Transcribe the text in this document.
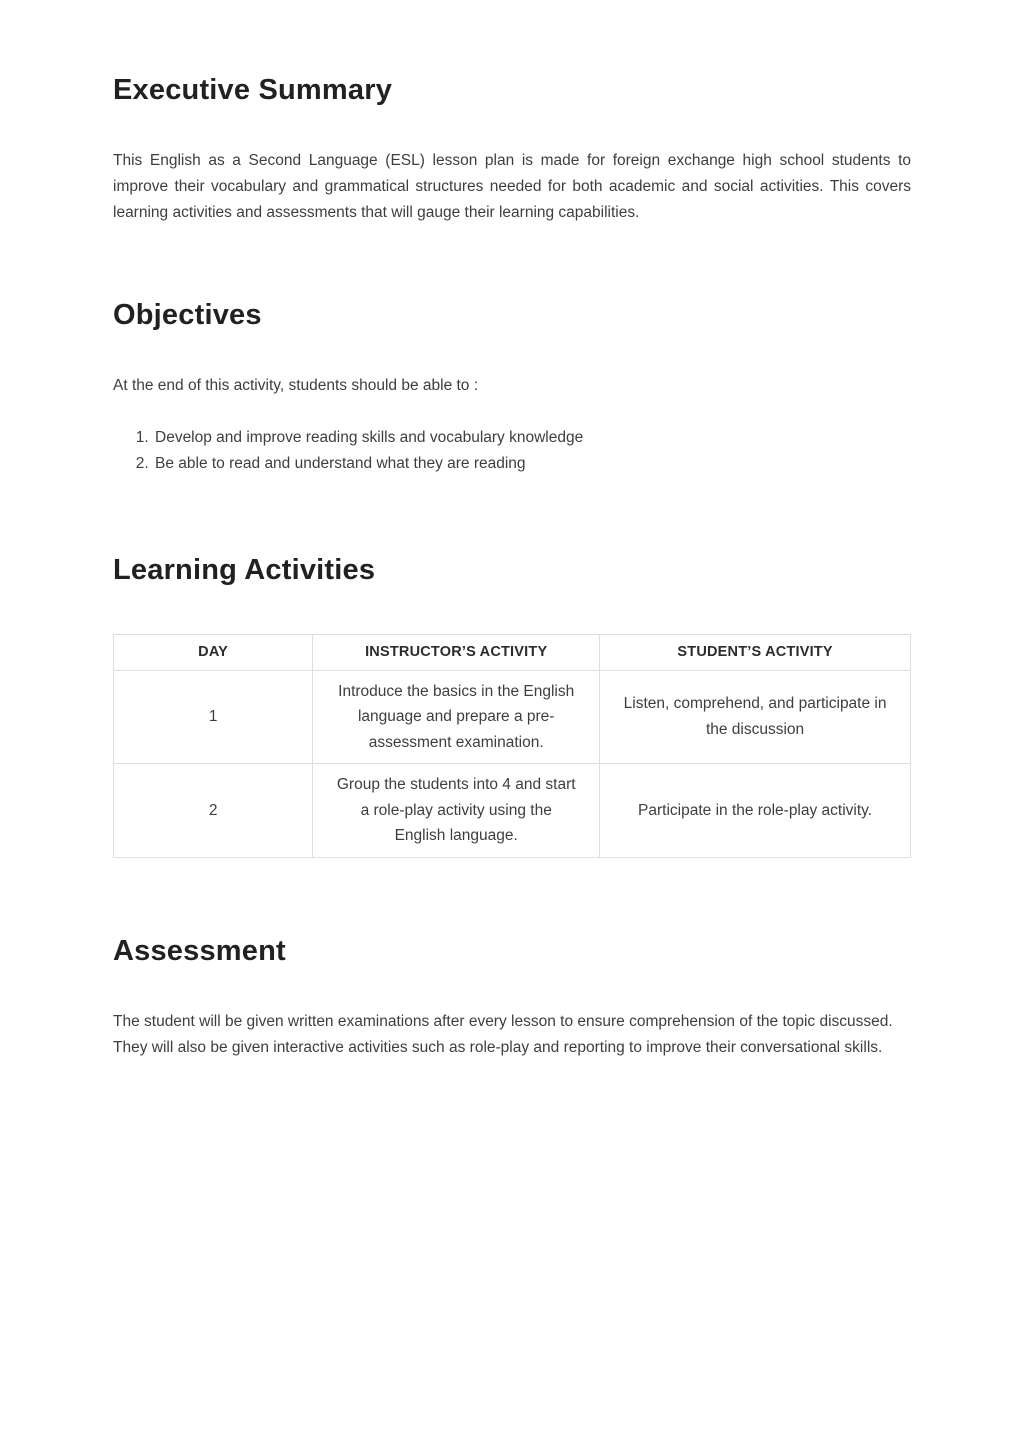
Executive Summary

This English as a Second Language (ESL) lesson plan is made for foreign exchange high school students to improve their vocabulary and grammatical structures needed for both academic and social activities. This covers learning activities and assessments that will gauge their learning capabilities.

Objectives

At the end of this activity, students should be able to :

1. Develop and improve reading skills and vocabulary knowledge
2. Be able to read and understand what they are reading
Learning Activities
DAY	INSTRUCTOR’S ACTIVITY	STUDENT’S ACTIVITY
1	Introduce the basics in the English language and prepare a pre-assessment examination.	Listen, comprehend, and participate in the discussion
2	Group the students into 4 and start a role-play activity using the English language.	Participate in the role-play activity.
Assessment

The student will be given written examinations after every lesson to ensure comprehension of the topic discussed. They will also be given interactive activities such as role-play and reporting to improve their conversational skills.
